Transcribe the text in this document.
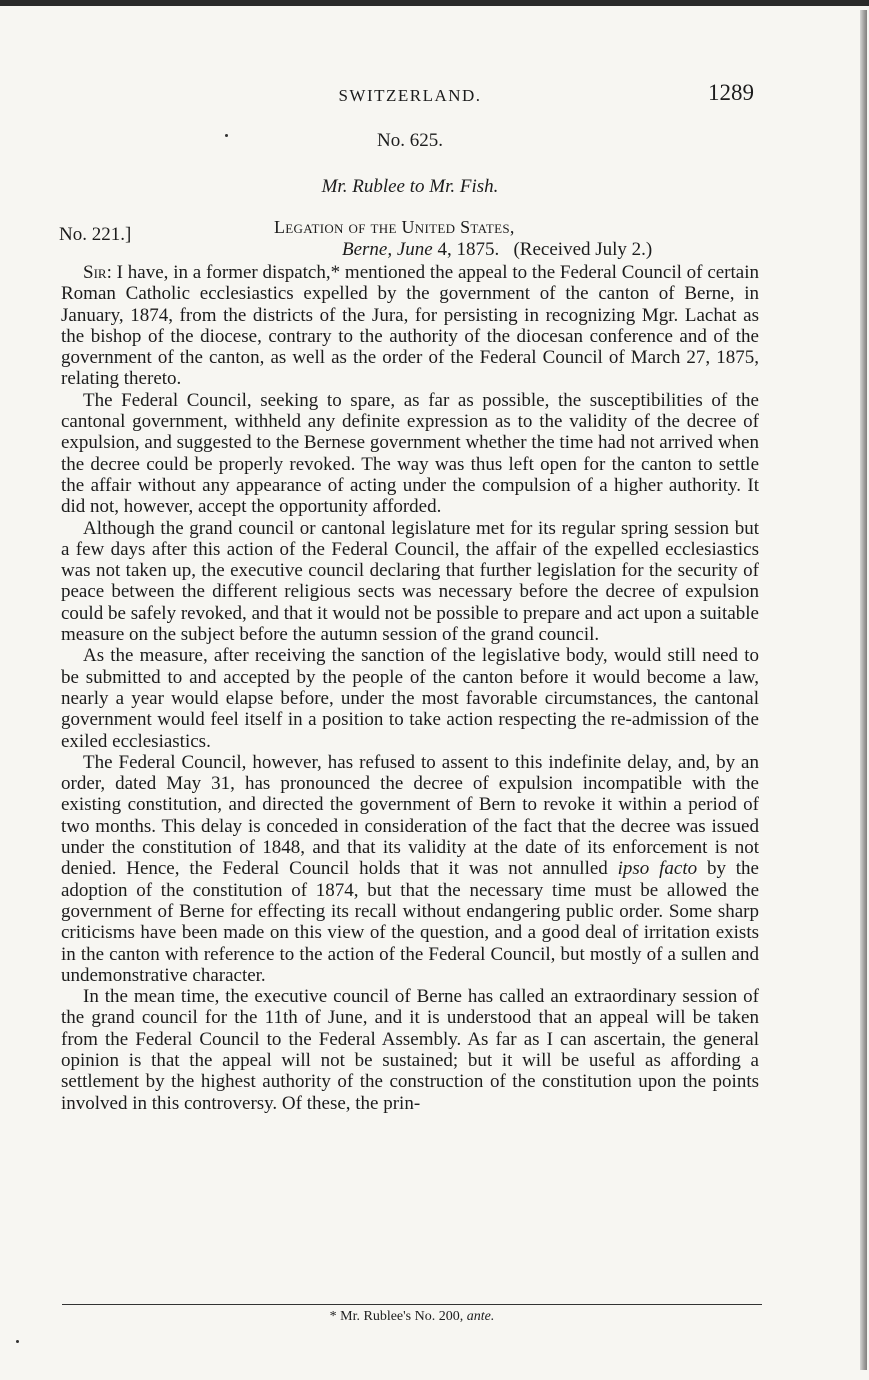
SWITZERLAND.	1289
No. 625.
Mr. Rublee to Mr. Fish.
No. 221.]	Legation of the United States,
Berne, June 4, 1875. (Received July 2.)

Sir: I have, in a former dispatch,* mentioned the appeal to the Federal Council of certain Roman Catholic ecclesiastics expelled by the government of the canton of Berne, in January, 1874, from the districts of the Jura, for persisting in recognizing Mgr. Lachat as the bishop of the diocese, contrary to the authority of the diocesan conference and of the government of the canton, as well as the order of the Federal Council of March 27, 1875, relating thereto.

The Federal Council, seeking to spare, as far as possible, the susceptibilities of the cantonal government, withheld any definite expression as to the validity of the decree of expulsion, and suggested to the Bernese government whether the time had not arrived when the decree could be properly revoked. The way was thus left open for the canton to settle the affair without any appearance of acting under the compulsion of a higher authority. It did not, however, accept the opportunity afforded.

Although the grand council or cantonal legislature met for its regular spring session but a few days after this action of the Federal Council, the affair of the expelled ecclesiastics was not taken up, the executive council declaring that further legislation for the security of peace between the different religious sects was necessary before the decree of expulsion could be safely revoked, and that it would not be possible to prepare and act upon a suitable measure on the subject before the autumn session of the grand council.

As the measure, after receiving the sanction of the legislative body, would still need to be submitted to and accepted by the people of the canton before it would become a law, nearly a year would elapse before, under the most favorable circumstances, the cantonal government would feel itself in a position to take action respecting the re-admission of the exiled ecclesiastics.

The Federal Council, however, has refused to assent to this indefinite delay, and, by an order, dated May 31, has pronounced the decree of expulsion incompatible with the existing constitution, and directed the government of Bern to revoke it within a period of two months. This delay is conceded in consideration of the fact that the decree was issued under the constitution of 1848, and that its validity at the date of its enforcement is not denied. Hence, the Federal Council holds that it was not annulled ipso facto by the adoption of the constitution of 1874, but that the necessary time must be allowed the government of Berne for effecting its recall without endangering public order. Some sharp criticisms have been made on this view of the question, and a good deal of irritation exists in the canton with reference to the action of the Federal Council, but mostly of a sullen and undemonstrative character.

In the mean time, the executive council of Berne has called an extraordinary session of the grand council for the 11th of June, and it is understood that an appeal will be taken from the Federal Council to the Federal Assembly. As far as I can ascertain, the general opinion is that the appeal will not be sustained; but it will be useful as affording a settlement by the highest authority of the construction of the constitution upon the points involved in this controversy. Of these, the prin-

* Mr. Rublee's No. 200, ante.
